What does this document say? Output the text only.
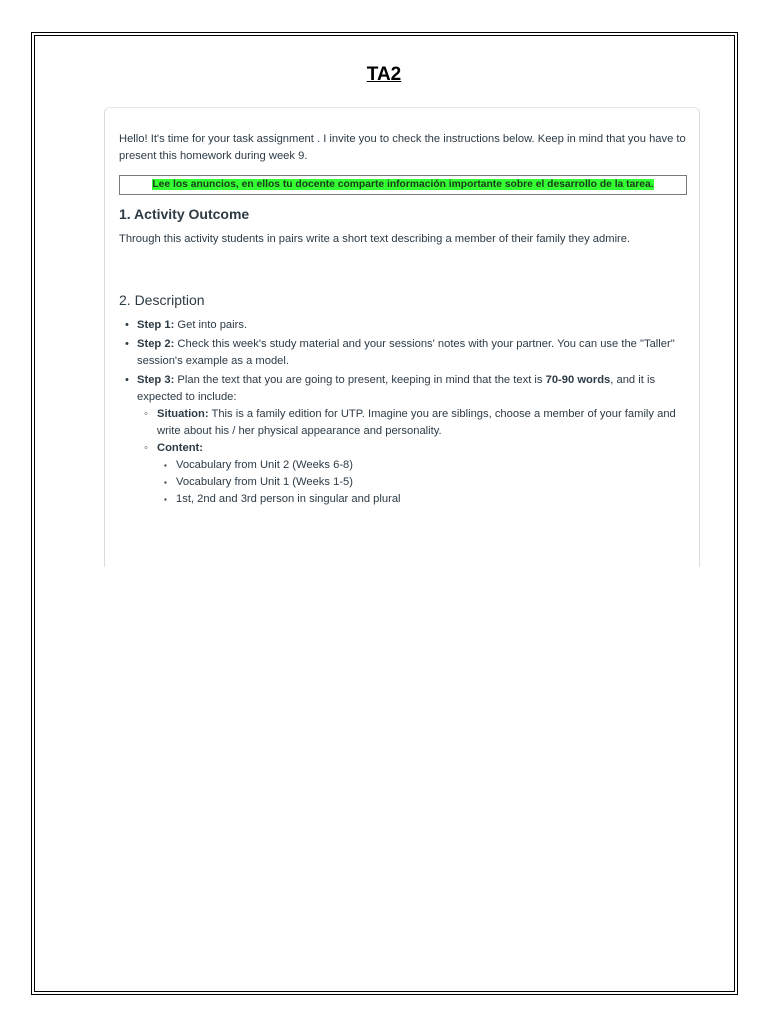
TA2

Hello! It's time for your task assignment . I invite you to check the instructions below. Keep in mind that you have to present this homework during week 9.

Lee los anuncios, en ellos tu docente comparte información importante sobre el desarrollo de la tarea.
1. Activity Outcome

Through this activity students in pairs write a short text describing a member of their family they admire.

2. Description
• Step 1: Get into pairs.
• Step 2: Check this week's study material and your sessions' notes with your partner. You can use the "Taller" session's example as a model.
• Step 3: Plan the text that you are going to present, keeping in mind that the text is 70-90 words, and it is expected to include:
◦ Situation: This is a family edition for UTP. Imagine you are siblings, choose a member of your family and write about his / her physical appearance and personality.
◦ Content:
▪ Vocabulary from Unit 2 (Weeks 6-8)
▪ Vocabulary from Unit 1 (Weeks 1-5)
▪ 1st, 2nd and 3rd person in singular and plural
